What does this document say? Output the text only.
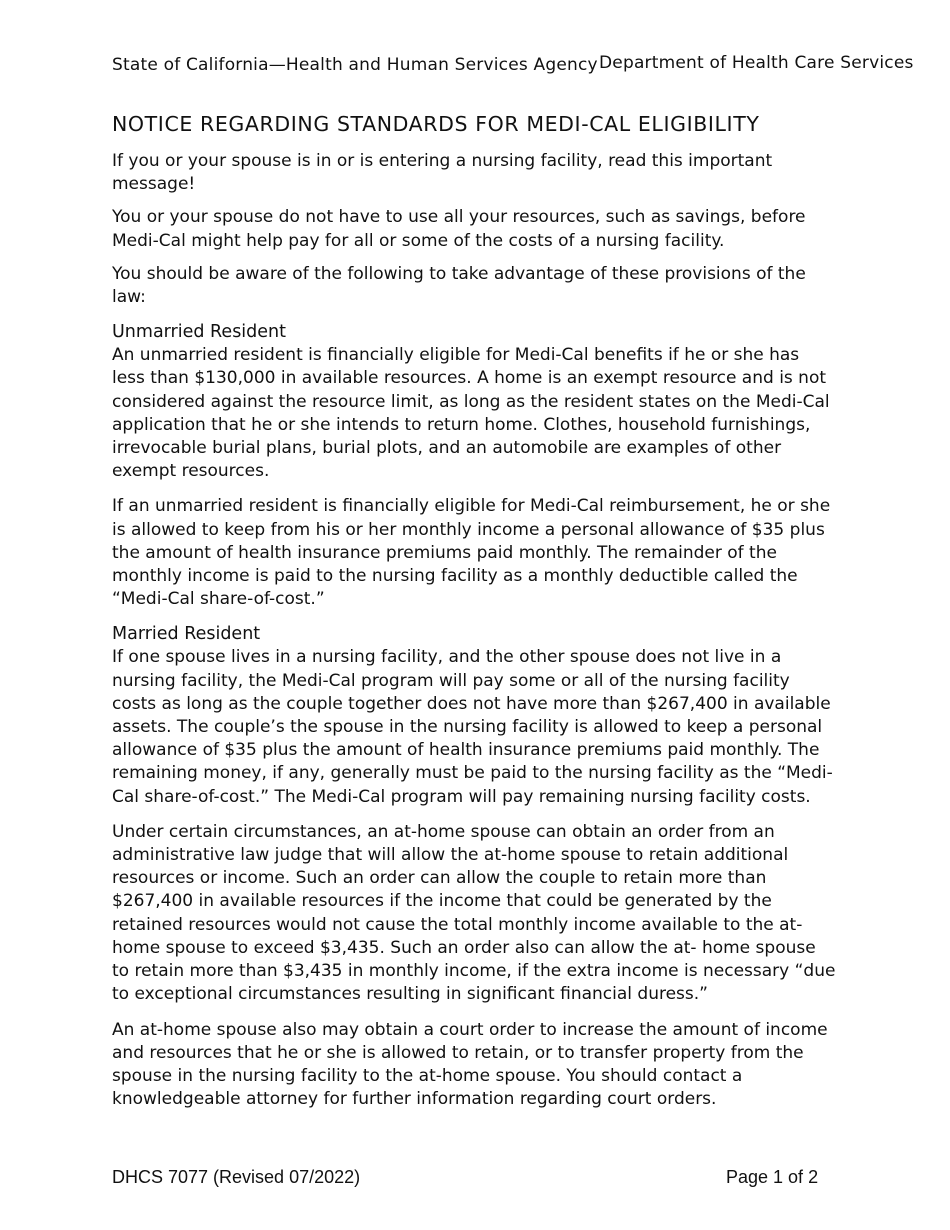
State of California—Health and Human Services Agency Department of Health Care Services
NOTICE REGARDING STANDARDS FOR MEDI-CAL ELIGIBILITY

If you or your spouse is in or is entering a nursing facility, read this important message!

You or your spouse do not have to use all your resources, such as savings, before Medi-Cal might help pay for all or some of the costs of a nursing facility.

You should be aware of the following to take advantage of these provisions of the law:

Unmarried Resident

An unmarried resident is financially eligible for Medi-Cal benefits if he or she has less than $130,000 in available resources. A home is an exempt resource and is not considered against the resource limit, as long as the resident states on the Medi-Cal application that he or she intends to return home. Clothes, household furnishings, irrevocable burial plans, burial plots, and an automobile are examples of other exempt resources.

If an unmarried resident is financially eligible for Medi-Cal reimbursement, he or she is allowed to keep from his or her monthly income a personal allowance of $35 plus the amount of health insurance premiums paid monthly. The remainder of the monthly income is paid to the nursing facility as a monthly deductible called the “Medi-Cal share-of-cost.”

Married Resident

If one spouse lives in a nursing facility, and the other spouse does not live in a nursing facility, the Medi-Cal program will pay some or all of the nursing facility costs as long as the couple together does not have more than $267,400 in available assets. The couple’s the spouse in the nursing facility is allowed to keep a personal allowance of $35 plus the amount of health insurance premiums paid monthly. The remaining money, if any, generally must be paid to the nursing facility as the “Medi-Cal share-of-cost.” The Medi-Cal program will pay remaining nursing facility costs.

Under certain circumstances, an at-home spouse can obtain an order from an administrative law judge that will allow the at-home spouse to retain additional resources or income. Such an order can allow the couple to retain more than $267,400 in available resources if the income that could be generated by the retained resources would not cause the total monthly income available to the at-home spouse to exceed $3,435. Such an order also can allow the at- home spouse to retain more than $3,435 in monthly income, if the extra income is necessary “due to exceptional circumstances resulting in significant financial duress.”

An at-home spouse also may obtain a court order to increase the amount of income and resources that he or she is allowed to retain, or to transfer property from the spouse in the nursing facility to the at-home spouse. You should contact a knowledgeable attorney for further information regarding court orders.

DHCS 7077 (Revised 07/2022)	Page 1 of 2
